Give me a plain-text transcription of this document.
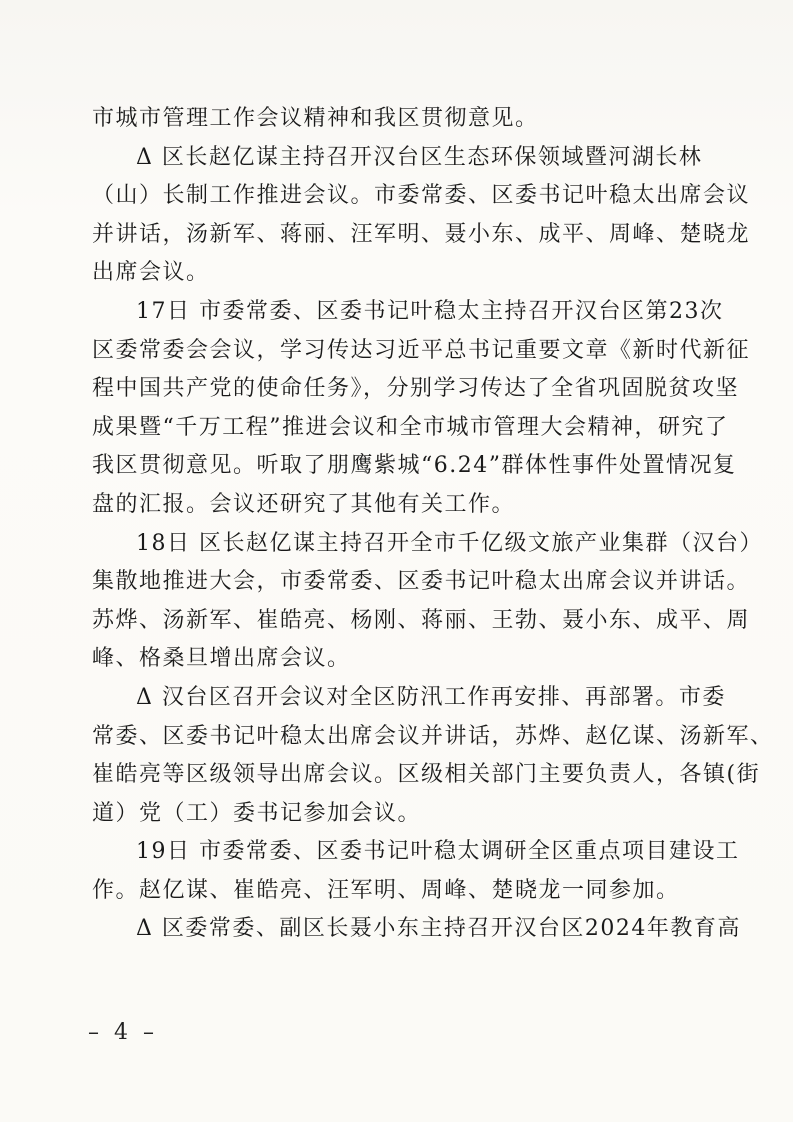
市城市管理工作会议精神和我区贯彻意见。
Δ 区长赵亿谋主持召开汉台区生态环保领域暨河湖长林
（山）长制工作推进会议。市委常委、区委书记叶稳太出席会议
并讲话，汤新军、蒋丽、汪军明、聂小东、成平、周峰、楚晓龙
出席会议。
17日 市委常委、区委书记叶稳太主持召开汉台区第23次
区委常委会会议，学习传达习近平总书记重要文章《新时代新征
程中国共产党的使命任务》，分别学习传达了全省巩固脱贫攻坚
成果暨“千万工程”推进会议和全市城市管理大会精神，研究了
我区贯彻意见。听取了朋鹰紫城“6.24”群体性事件处置情况复
盘的汇报。会议还研究了其他有关工作。
18日 区长赵亿谋主持召开全市千亿级文旅产业集群（汉台）
集散地推进大会，市委常委、区委书记叶稳太出席会议并讲话。
苏烨、汤新军、崔皓亮、杨刚、蒋丽、王勃、聂小东、成平、周
峰、格桑旦增出席会议。
Δ 汉台区召开会议对全区防汛工作再安排、再部署。市委
常委、区委书记叶稳太出席会议并讲话，苏烨、赵亿谋、汤新军、
崔皓亮等区级领导出席会议。区级相关部门主要负责人，各镇(街
道）党（工）委书记参加会议。
19日 市委常委、区委书记叶稳太调研全区重点项目建设工
作。赵亿谋、崔皓亮、汪军明、周峰、楚晓龙一同参加。
Δ 区委常委、副区长聂小东主持召开汉台区2024年教育高
– 4 –
